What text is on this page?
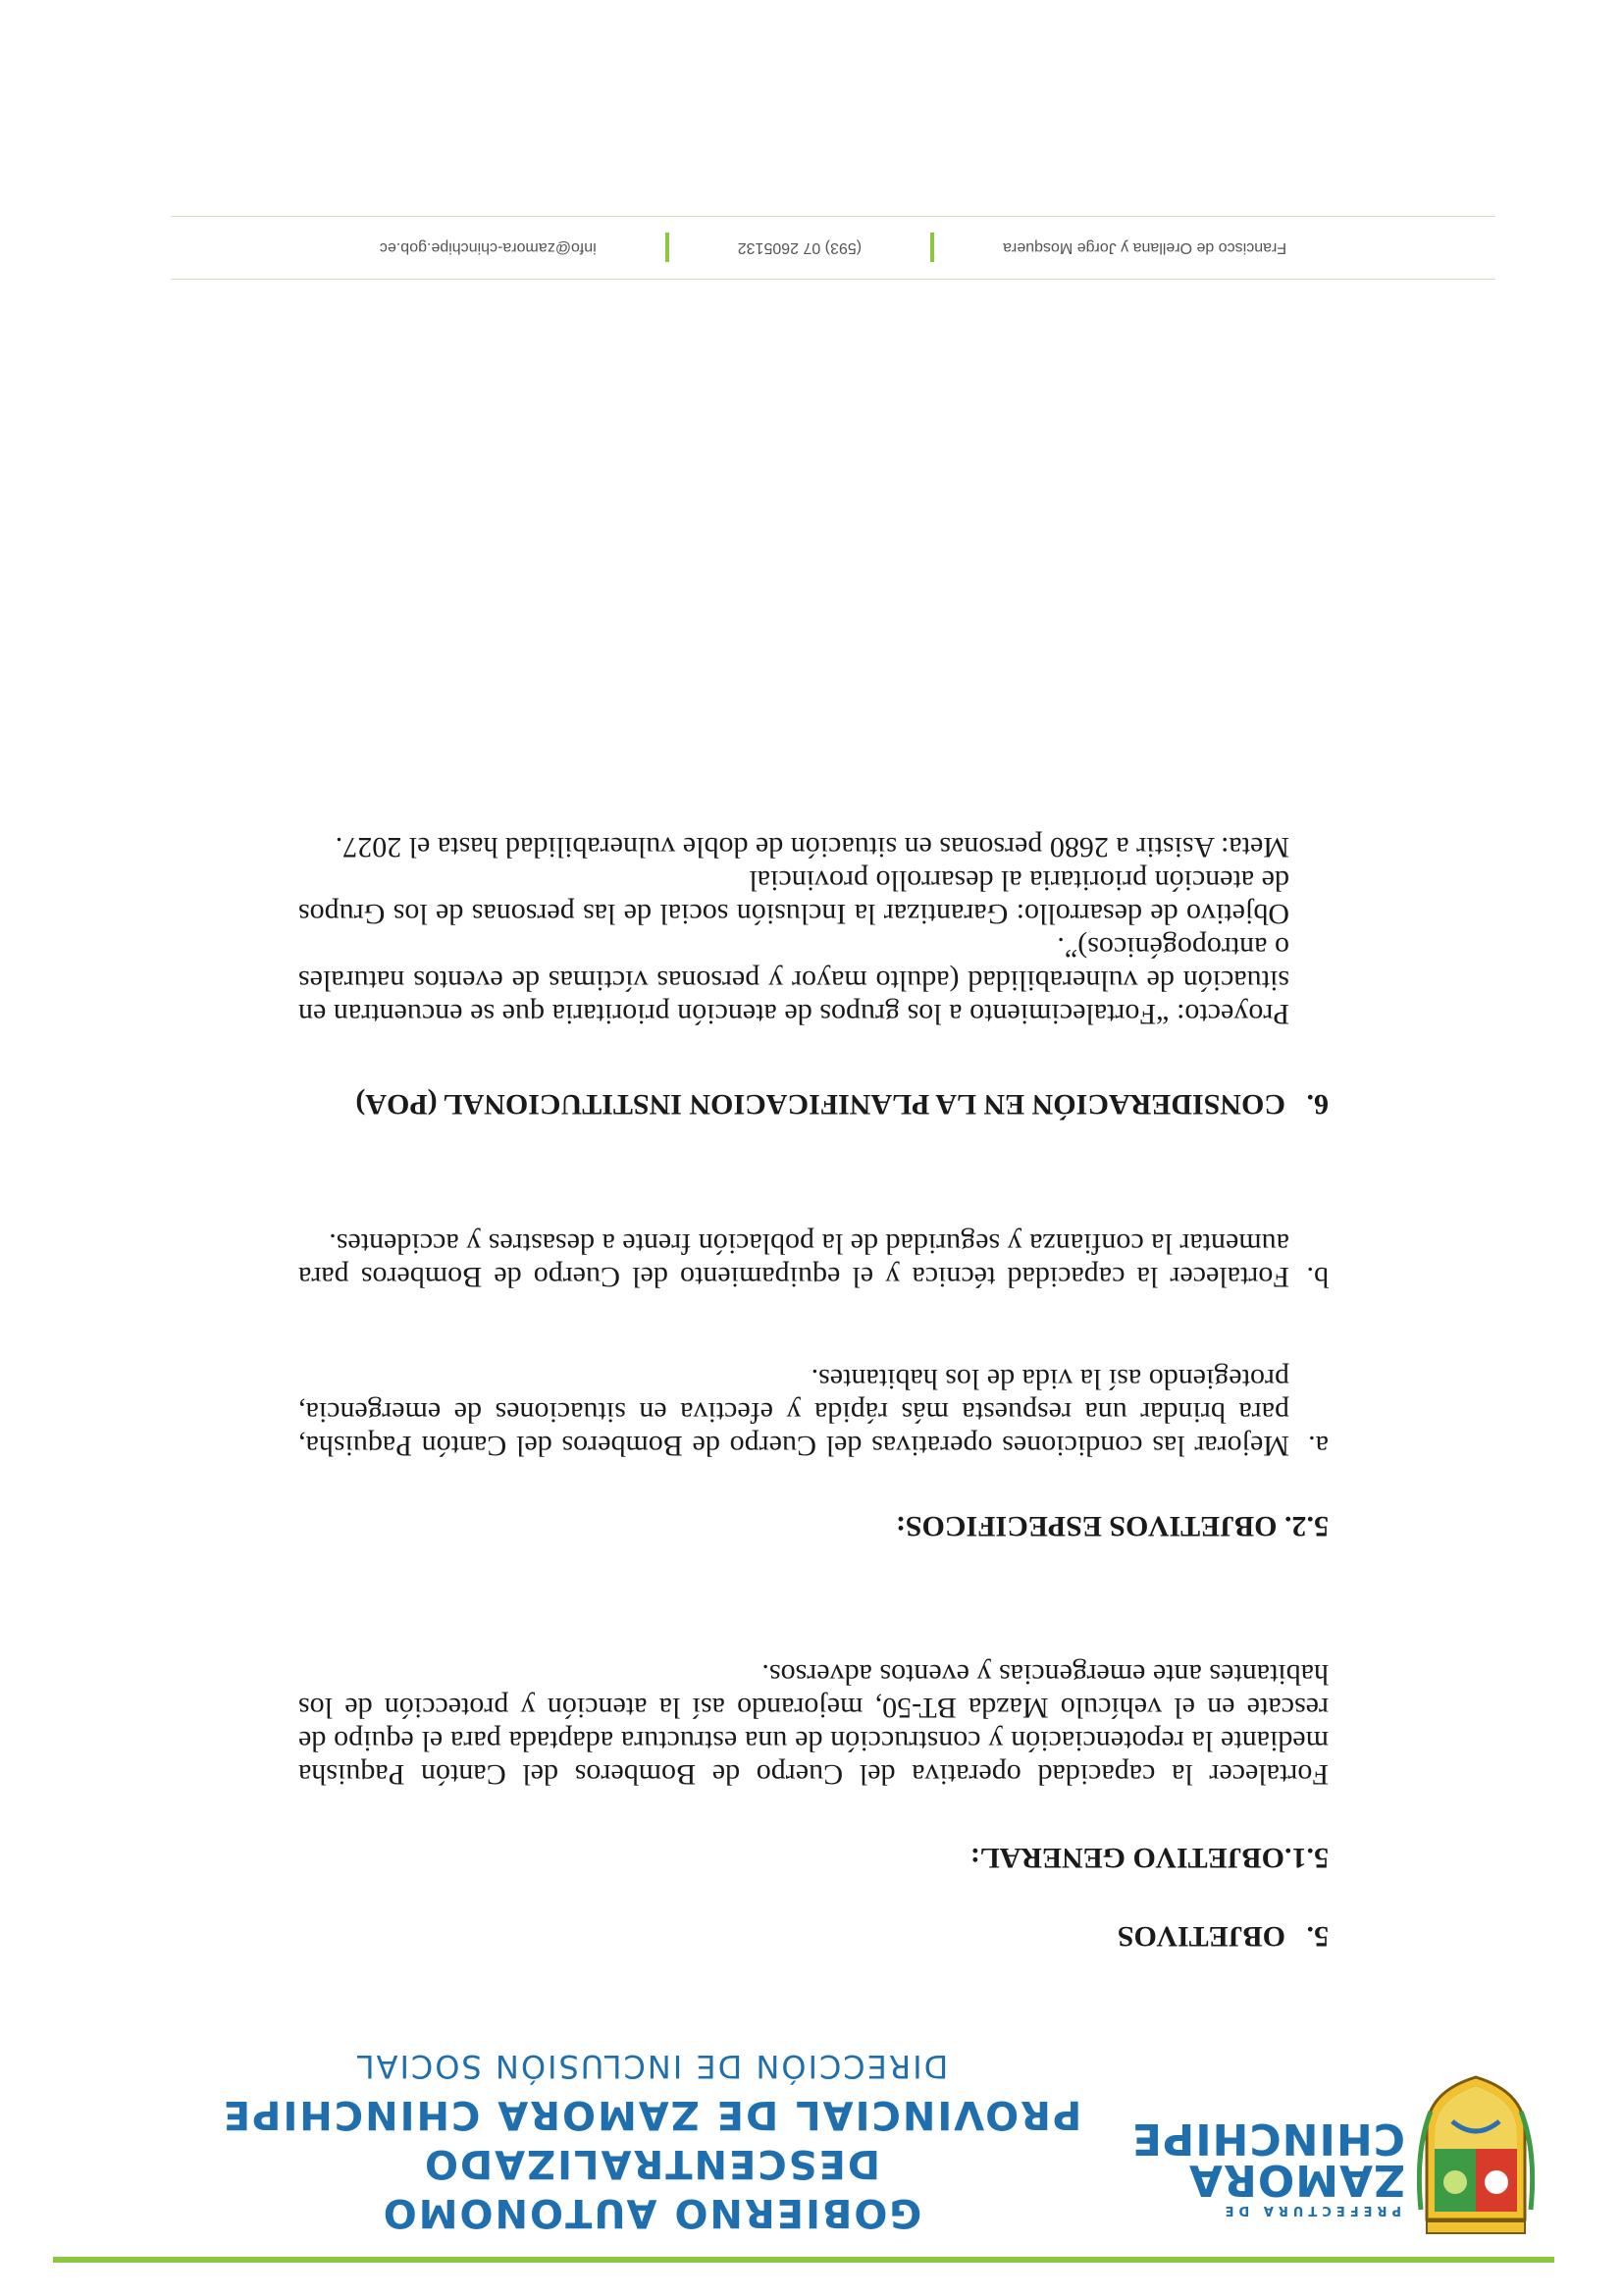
PREFECTURA DE
ZAMORA
CHINCHIPE
GOBIERNO AUTONOMO DESCENTRALIZADO
PROVINCIAL DE ZAMORA CHINCHIPE
DIRECCIÓN DE INCLUSIÓN SOCIAL
5.OBJETIVOS
5.1.OBJETIVO GENERAL:

Fortalecer la capacidad operativa del Cuerpo de Bomberos del Cantón Paquisha mediante la repotenciación y construcción de una estructura adaptada para el equipo de rescate en el vehículo Mazda BT-50, mejorando así la atención y protección de los habitantes ante emergencias y eventos adversos.

5.2. OBJETIVOS ESPECIFICOS:
a.
Mejorar las condiciones operativas del Cuerpo de Bomberos del Cantón Paquisha, para brindar una respuesta más rápida y efectiva en situaciones de emergencia, protegiendo así la vida de los habitantes.
b.
Fortalecer la capacidad técnica y el equipamiento del Cuerpo de Bomberos para aumentar la confianza y seguridad de la población frente a desastres y accidentes.
6.CONSIDERACIÓN EN LA PLANIFICACION INSTITUCIONAL (POA)
Proyecto: “Fortalecimiento a los grupos de atención prioritaria que se encuentran en situación de vulnerabilidad (adulto mayor y personas víctimas de eventos naturales o antropogénicos)”.
Objetivo de desarrollo: Garantizar la Inclusión social de las personas de los Grupos de atención prioritaria al desarrollo provincial
Meta: Asistir a 2680 personas en situación de doble vulnerabilidad hasta el 2027.
Francisco de Orellana y Jorge Mosquera
(593) 07 2605132
info@zamora-chinchipe.gob.ec
